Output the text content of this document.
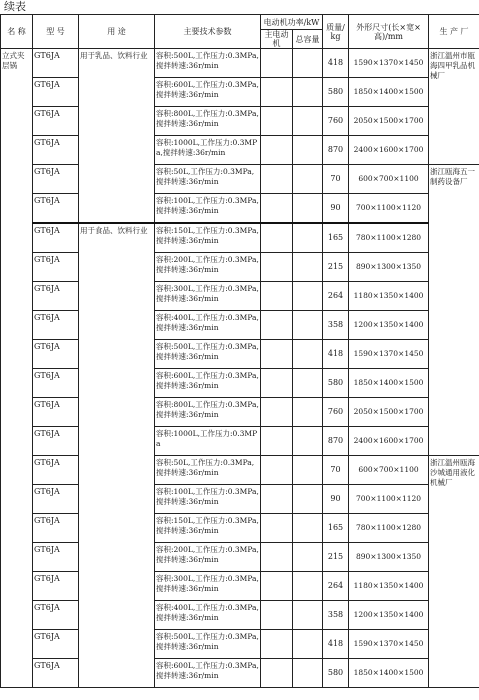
续表
名 称	型 号	用 途	主要技术参数	电动机功率/kW		质量/kg	外形尺寸(长×宽×高)/mm	生 产 厂
				主电动机	总容量			
立式夹层锅	GT6JA	用于乳品、饮料行业	容积:500L,工作压力:0.3MPa,搅拌转速:36r/min			418	1590×1370×1450	浙江温州市瓯海四甲乳品机械厂
	GT6JA		容积:600L,工作压力:0.3MPa,搅拌转速:36r/min			580	1850×1400×1500	
	GT6JA		容积:800L,工作压力:0.3MPa,搅拌转速:36r/min			760	2050×1500×1700	
	GT6JA		容积:1000L,工作压力:0.3MPa,搅拌转速:36r/min			870	2400×1600×1700	
	GT6JA		容积:50L,工作压力:0.3MPa,搅拌转速:36r/min			70	600×700×1100	浙江瓯海五一制药设备厂
	GT6JA		容积:100L,工作压力:0.3MPa,搅拌转速:36r/min			90	700×1100×1120	
	GT6JA	用于食品、饮料行业	容积:150L,工作压力:0.3MPa,搅拌转速:36r/min			165	780×1100×1280	
	GT6JA		容积:200L,工作压力:0.3MPa,搅拌转速:36r/min			215	890×1300×1350	
	GT6JA		容积:300L,工作压力:0.3MPa,搅拌转速:36r/min			264	1180×1350×1400	
	GT6JA		容积:400L,工作压力:0.3MPa,搅拌转速:36r/min			358	1200×1350×1400	
	GT6JA		容积:500L,工作压力:0.3MPa,搅拌转速:36r/min			418	1590×1370×1450	
	GT6JA		容积:600L,工作压力:0.3MPa,搅拌转速:36r/min			580	1850×1400×1500	
	GT6JA		容积:800L,工作压力:0.3MPa,搅拌转速:36r/min			760	2050×1500×1700	
	GT6JA		容积:1000L,工作压力:0.3MPa			870	2400×1600×1700	
	GT6JA		容积:50L,工作压力:0.3MPa,搅拌转速:36r/min			70	600×700×1100	浙江温州瓯海沙城通用液化机械厂
	GT6JA		容积:100L,工作压力:0.3MPa,搅拌转速:36r/min			90	700×1100×1120	
	GT6JA		容积:150L,工作压力:0.3MPa,搅拌转速:36r/min			165	780×1100×1280	
	GT6JA		容积:200L,工作压力:0.3MPa,搅拌转速:36r/min			215	890×1300×1350	
	GT6JA		容积:300L,工作压力:0.3MPa,搅拌转速:36r/min			264	1180×1350×1400	
	GT6JA		容积:400L,工作压力:0.3MPa,搅拌转速:36r/min			358	1200×1350×1400	
	GT6JA		容积:500L,工作压力:0.3MPa,搅拌转速:36r/min			418	1590×1370×1450	
	GT6JA		容积:600L,工作压力:0.3MPa,搅拌转速:36r/min			580	1850×1400×1500	
